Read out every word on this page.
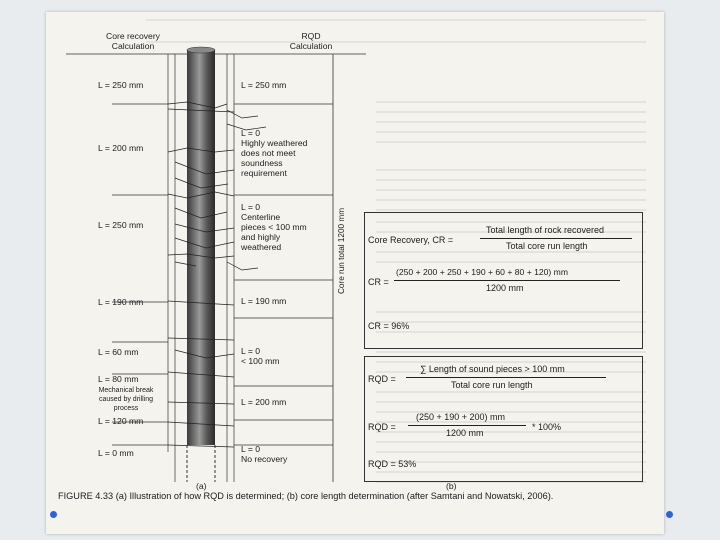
Core recovery
Calculation
RQD
Calculation
L = 250 mm
L = 200 mm
L = 250 mm
L = 190 mm
L = 60 mm
L = 80 mm
Mechanical break
caused by drilling process
L = 120 mm
L = 0 mm
L = 250 mm
L = 0
Highly weathered
does not meet
soundness
requirement
L = 0
Centerline
pieces < 100 mm
and highly
weathered
L = 190 mm
L = 0
< 100 mm
L = 200 mm
L = 0
No recovery
Core run total 1200 mm
(a)
Core Recovery, CR =
Total length of rock recovered
Total core run length
CR =
(250 + 200 + 250 + 190 + 60 + 80 + 120) mm
1200 mm
CR = 96%
RQD =
∑ Length of sound pieces > 100 mm
Total core run length
RQD =
(250 + 190 + 200) mm
1200 mm
* 100%
RQD = 53%
(b)
FIGURE 4.33 (a) Illustration of how RQD is determined; (b) core length determination (after Samtani and Nowatski, 2006).
